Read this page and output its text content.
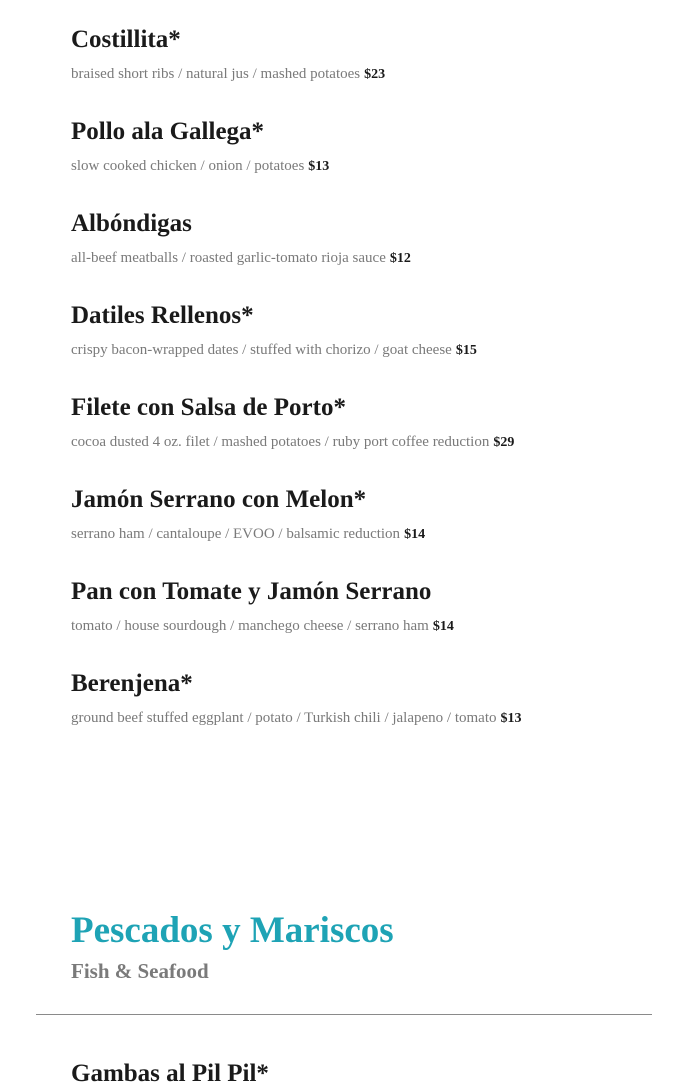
Costillita*

braised short ribs / natural jus / mashed potatoes $23

Pollo ala Gallega*

slow cooked chicken / onion / potatoes $13

Albóndigas

all-beef meatballs / roasted garlic-tomato rioja sauce $12

Datiles Rellenos*

crispy bacon-wrapped dates / stuffed with chorizo / goat cheese $15

Filete con Salsa de Porto*

cocoa dusted 4 oz. filet / mashed potatoes / ruby port coffee reduction $29

Jamón Serrano con Melon*

serrano ham / cantaloupe / EVOO / balsamic reduction $14

Pan con Tomate y Jamón Serrano

tomato / house sourdough / manchego cheese / serrano ham $14

Berenjena*

ground beef stuffed eggplant / potato / Turkish chili / jalapeno / tomato $13

Pescados y Mariscos
Fish & Seafood
Gambas al Pil Pil*
